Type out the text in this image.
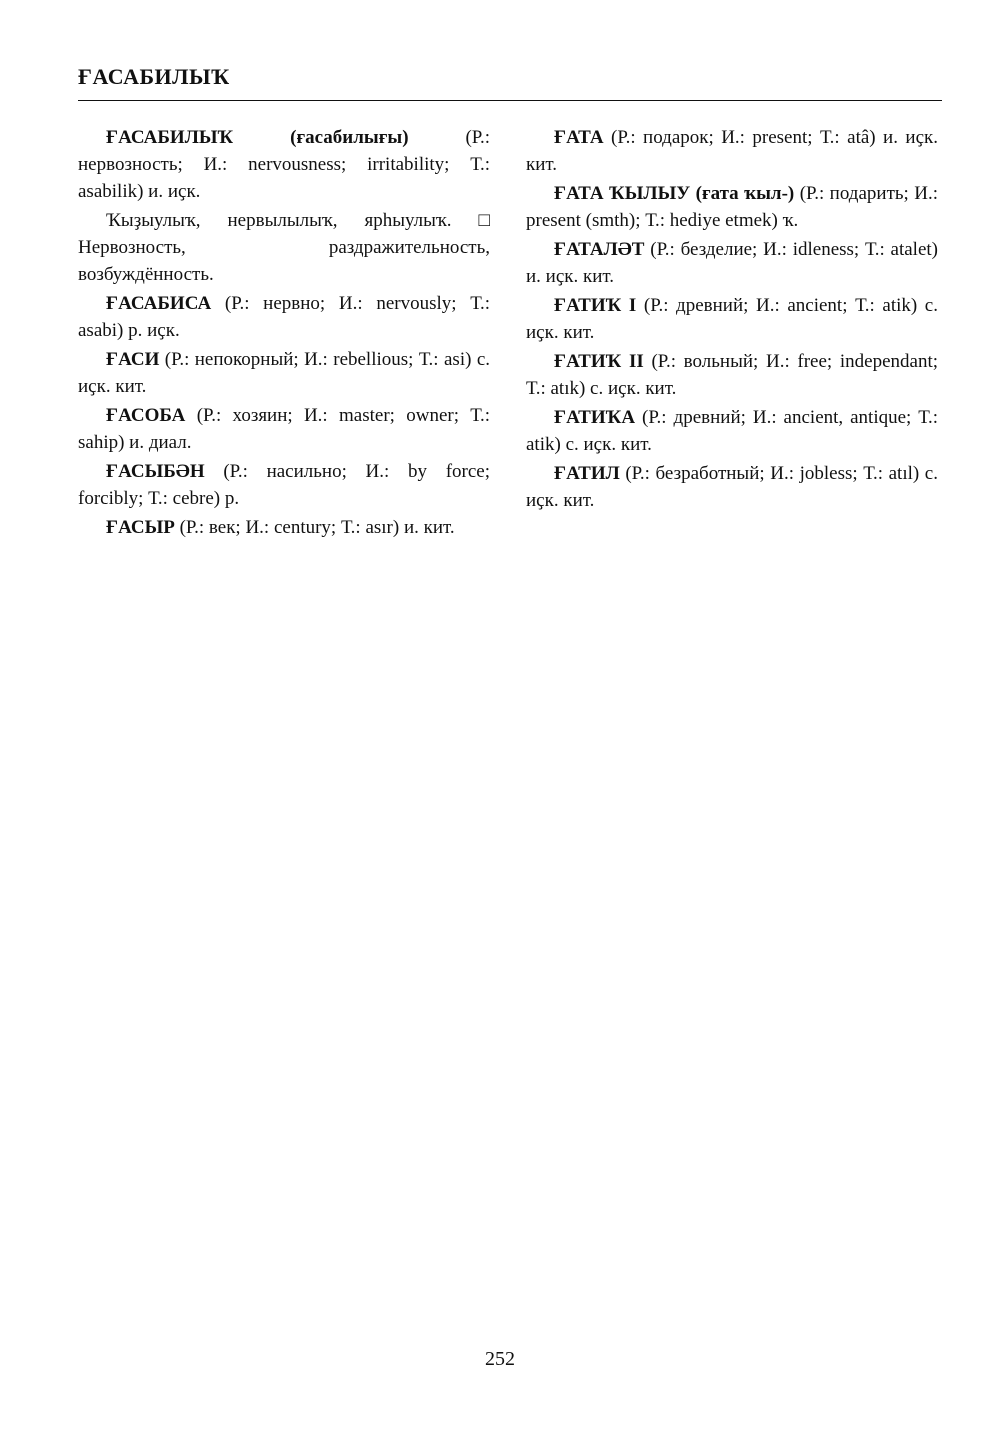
ҒАСАБИЛЫҠ

ҒАСАБИЛЫҠ (ғасабилығы)	(Р.: нервозность; И.: nervousness; irritability; Т.: asabilik) и. иҫк.

Ҡыҙыулыҡ, нервылылыҡ, ярһыулыҡ. □ Нервозность, раздражительность, возбуждённость.

ҒАСАБИСА (Р.: нервно; И.: nervously; Т.: asabi) р. иҫк.

ҒАСИ (Р.: непокорный; И.: rebellious; Т.: asi) с. иҫк. кит.

ҒАСОБА (Р.: хозяин; И.: master; owner; Т.: sahip) и. диал.

ҒАСЫБӘН (Р.: насильно; И.: by force; forcibly; Т.: cebre) р.

ҒАСЫР (Р.: век; И.: century; Т.: asır) и. кит.

ҒАТА (Р.: подарок; И.: present; Т.: atâ) и. иҫк. кит.

ҒАТА ҠЫЛЫУ (ғата ҡыл-) (Р.: подарить; И.: present (smth); Т.: hediye etmek) ҡ.

ҒАТАЛӘТ (Р.: безделие; И.: idleness; Т.: atalet) и. иҫк. кит.

ҒАТИҠ I (Р.: древний; И.: ancient; Т.: atik) с. иҫк. кит.

ҒАТИҠ II (Р.: вольный; И.: free; independant; Т.: atık) с. иҫк. кит.

ҒАТИҠА (Р.: древний; И.: ancient, antique; Т.: atik) с. иҫк. кит.

ҒАТИЛ (Р.: безработный; И.: jobless; Т.: atıl) с. иҫк. кит.

252
